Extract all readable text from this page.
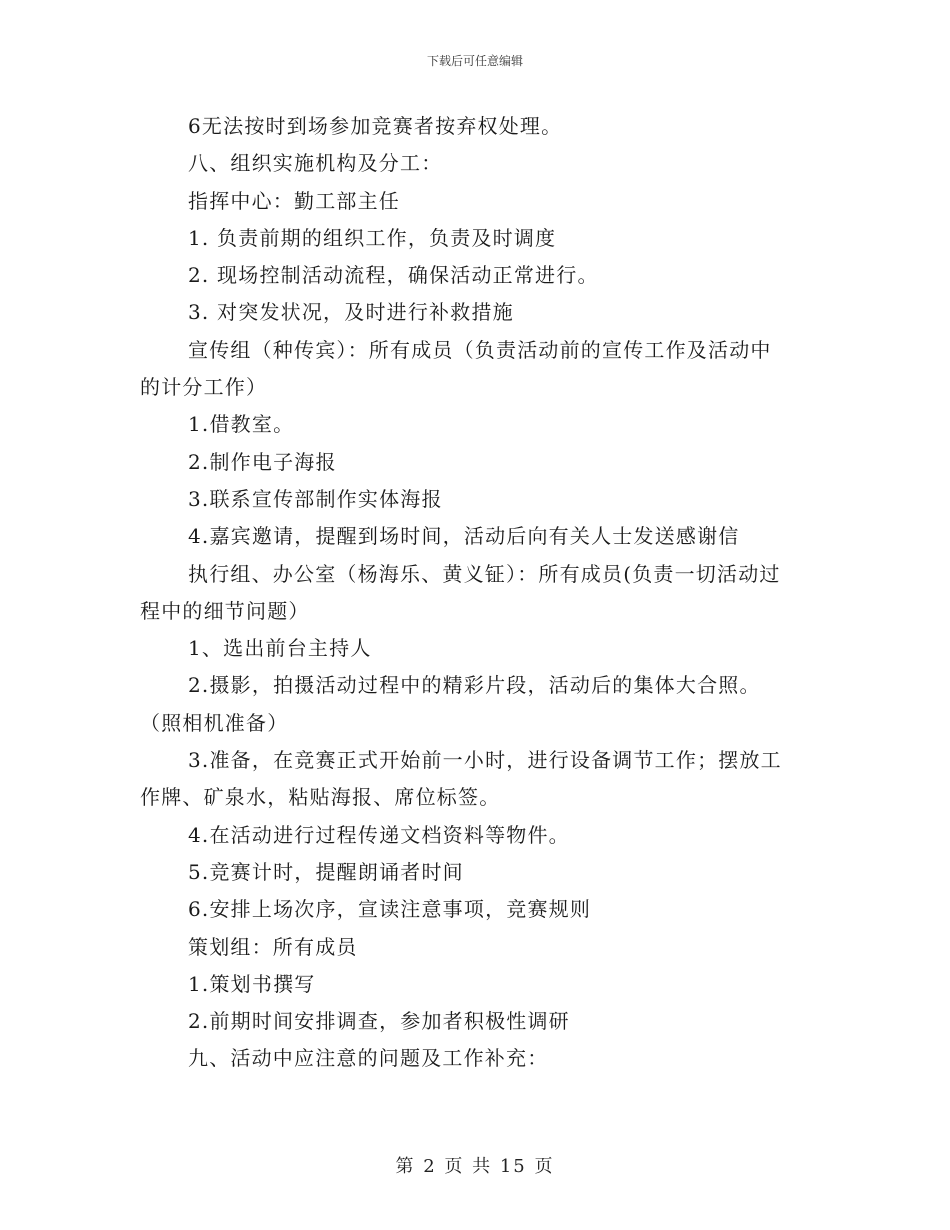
下载后可任意编辑
6无法按时到场参加竞赛者按弃权处理。
八、组织实施机构及分工：
指挥中心：勤工部主任
1. 负责前期的组织工作，负责及时调度
2. 现场控制活动流程，确保活动正常进行。
3. 对突发状况，及时进行补救措施
宣传组（种传宾）：所有成员（负责活动前的宣传工作及活动中
的计分工作）
1.借教室。
2.制作电子海报
3.联系宣传部制作实体海报
4.嘉宾邀请，提醒到场时间，活动后向有关人士发送感谢信
执行组、办公室（杨海乐、黄义钲）：所有成员(负责一切活动过
程中的细节问题）
1、选出前台主持人
2.摄影，拍摄活动过程中的精彩片段，活动后的集体大合照。
（照相机准备）
3.准备，在竞赛正式开始前一小时，进行设备调节工作；摆放工
作牌、矿泉水，粘贴海报、席位标签。
4.在活动进行过程传递文档资料等物件。
5.竞赛计时，提醒朗诵者时间
6.安排上场次序，宣读注意事项，竞赛规则
策划组：所有成员
1.策划书撰写
2.前期时间安排调查，参加者积极性调研
九、活动中应注意的问题及工作补充：
第 2 页 共 15 页
